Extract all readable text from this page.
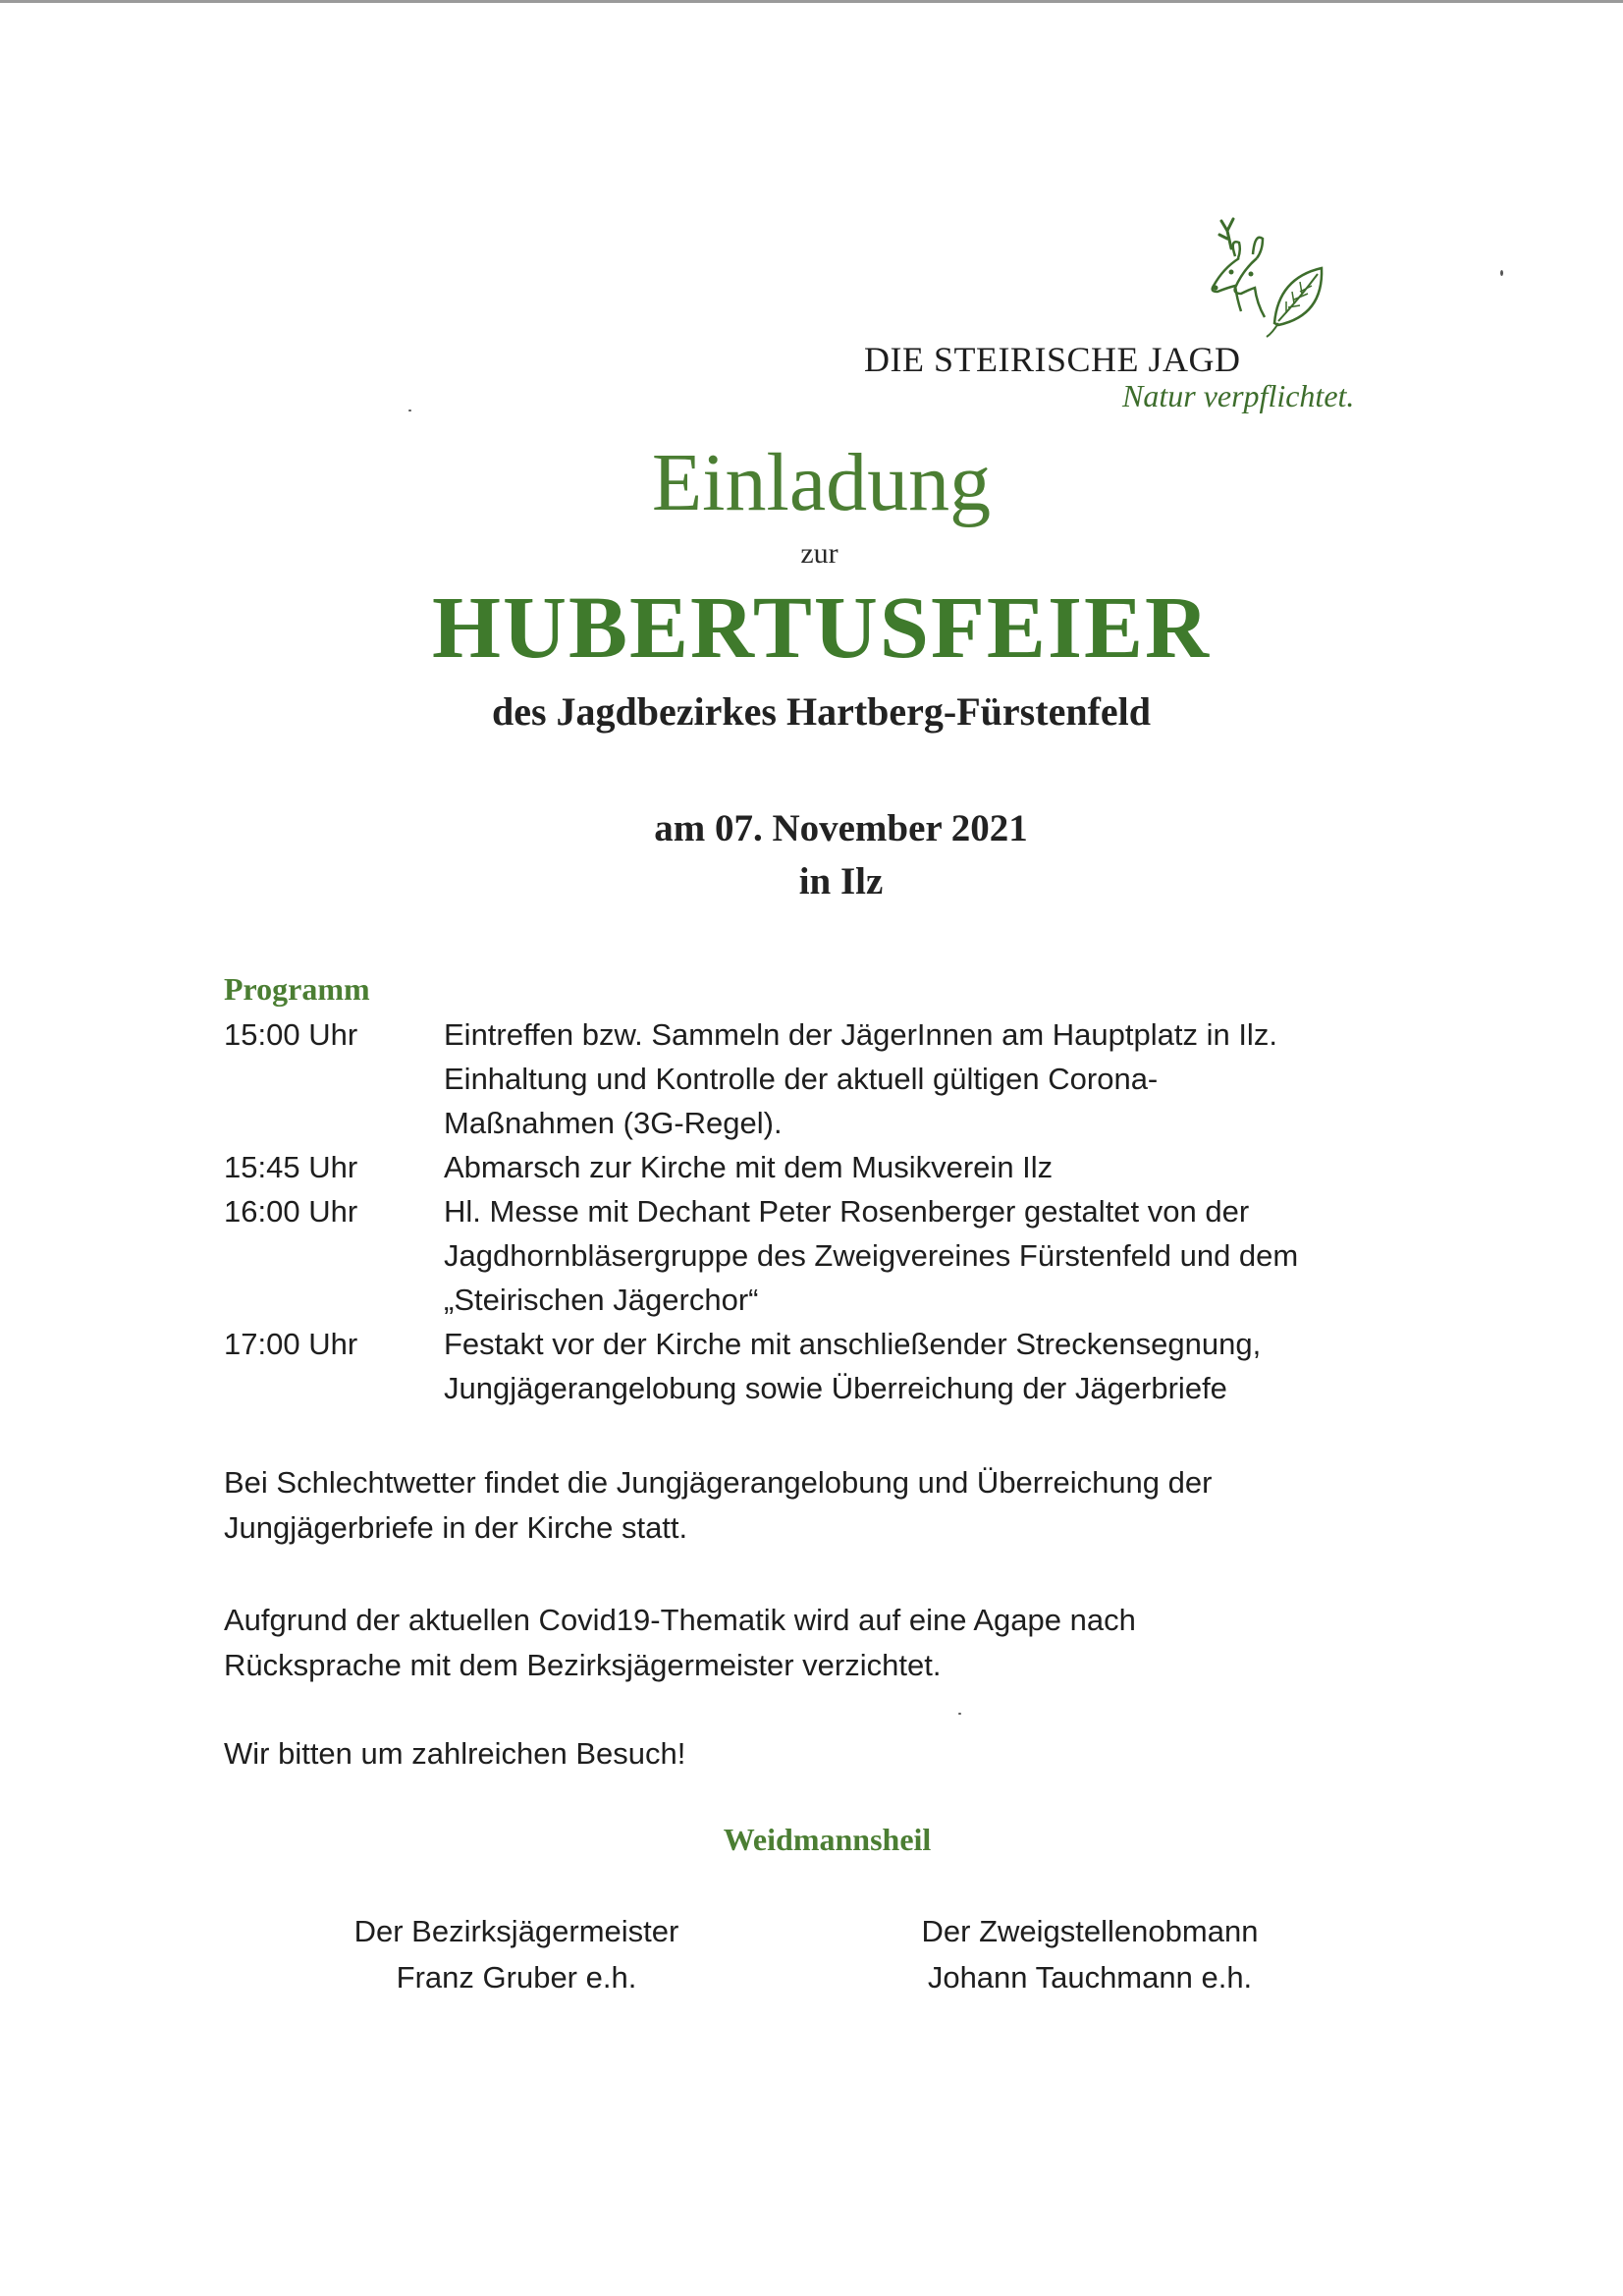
DIE STEIRISCHE JAGD
Natur verpflichtet.
Einladung
zur
HUBERTUSFEIER
des Jagdbezirkes Hartberg-Fürstenfeld
am 07. November 2021
in Ilz
Programm
15:00 Uhr	Eintreffen bzw. Sammeln der JägerInnen am Hauptplatz in Ilz.
Einhaltung und Kontrolle der aktuell gültigen Corona-
Maßnahmen (3G-Regel).
15:45 Uhr	Abmarsch zur Kirche mit dem Musikverein Ilz
16:00 Uhr	Hl. Messe mit Dechant Peter Rosenberger gestaltet von der
Jagdhornbläsergruppe des Zweigvereines Fürstenfeld und dem
„Steirischen Jägerchor“
17:00 Uhr	Festakt vor der Kirche mit anschließender Streckensegnung,
Jungjägerangelobung sowie Überreichung der Jägerbriefe
Bei Schlechtwetter findet die Jungjägerangelobung und Überreichung der
Jungjägerbriefe in der Kirche statt.
Aufgrund der aktuellen Covid19-Thematik wird auf eine Agape nach
Rücksprache mit dem Bezirksjägermeister verzichtet.
Wir bitten um zahlreichen Besuch!
Weidmannsheil
Der Bezirksjägermeister
Franz Gruber e.h.
Der Zweigstellenobmann
Johann Tauchmann e.h.
